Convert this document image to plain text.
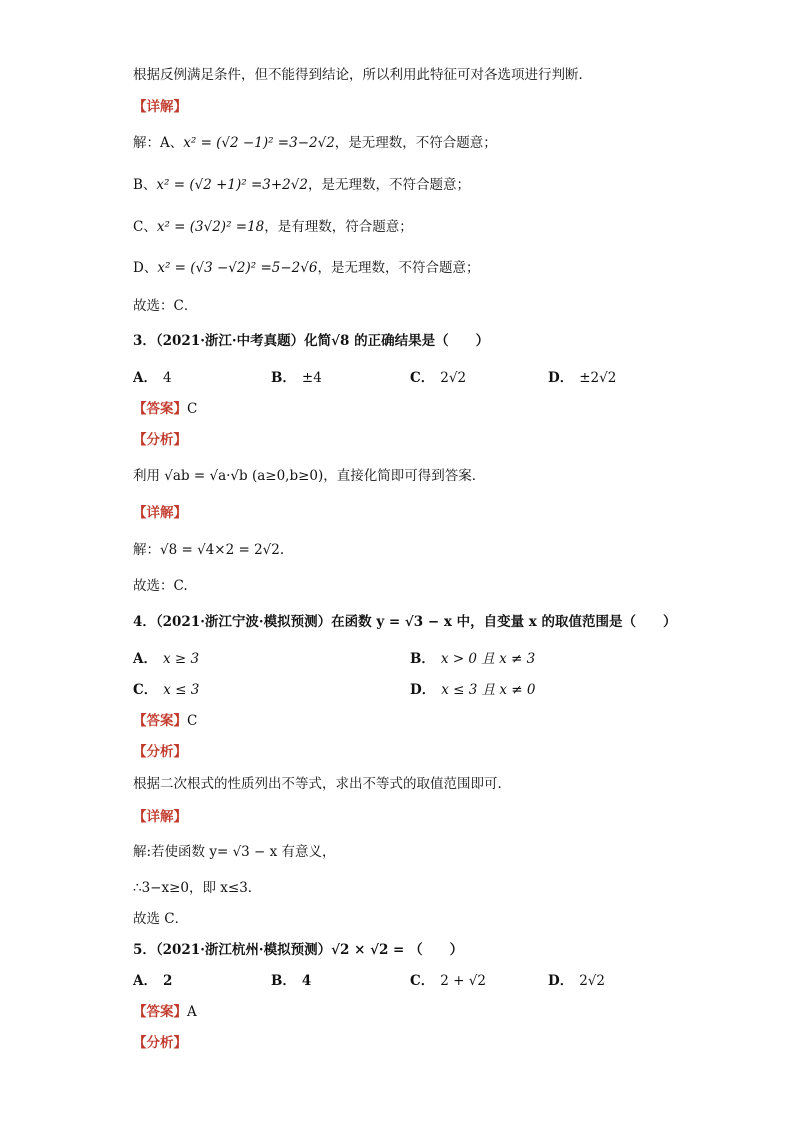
根据反例满足条件，但不能得到结论，所以利用此特征可对各选项进行判断．
【详解】
解：A、x² = (√2 −1)² =3−2√2，是无理数，不符合题意；
B、x² = (√2 +1)² =3+2√2，是无理数，不符合题意；
C、x² = (3√2)² =18，是有理数，符合题意；
D、x² = (√3 −√2)² =5−2√6，是无理数，不符合题意；
故选：C．
3．（2021·浙江·中考真题）化简√8 的正确结果是（　　）
A． 4	B． ±4	C． 2√2	D． ±2√2
【答案】C
【分析】
利用 √ab = √a·√b (a≥0,b≥0)，直接化简即可得到答案．
【详解】
解：√8 = √4×2 = 2√2.
故选：C.
4．（2021·浙江宁波·模拟预测）在函数 y = √3 − x 中，自变量 x 的取值范围是（　　）
A． x ≥ 3	B． x > 0 且 x ≠ 3
C． x ≤ 3	D． x ≤ 3 且 x ≠ 0
【答案】C
【分析】
根据二次根式的性质列出不等式，求出不等式的取值范围即可．
【详解】
解:若使函数 y= √3 − x 有意义，
∴3−x≥0，即 x≤3．
故选 C．
5．（2021·浙江杭州·模拟预测）√2 × √2 = （　　）
A． 2	B． 4	C． 2 + √2	D． 2√2
【答案】A
【分析】
